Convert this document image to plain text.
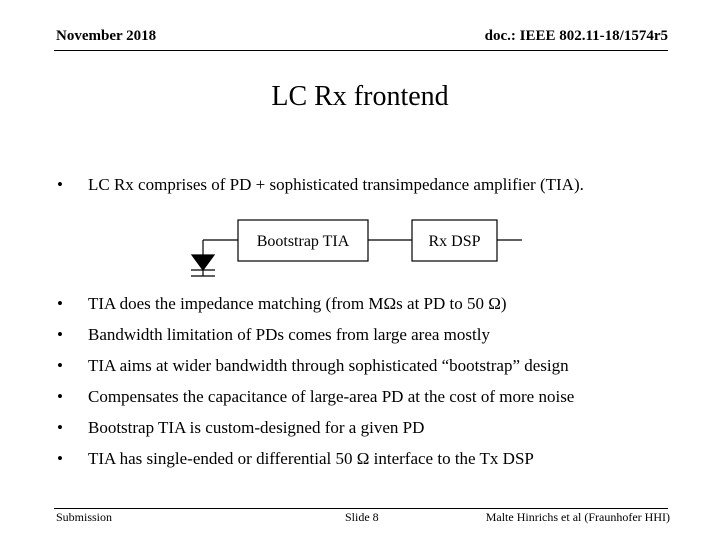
November 2018	doc.: IEEE 802.11-18/1574r5
LC Rx frontend
• LC Rx comprises of PD + sophisticated transimpedance amplifier (TIA).
Bootstrap TIA	Rx DSP
• TIA does the impedance matching (from MΩs at PD to 50 Ω)
• Bandwidth limitation of PDs comes from large area mostly
• TIA aims at wider bandwidth through sophisticated “bootstrap” design
• Compensates the capacitance of large-area PD at the cost of more noise
• Bootstrap TIA is custom-designed for a given PD
• TIA has single-ended or differential 50 Ω interface to the Tx DSP
Submission	Slide 8	Malte Hinrichs et al (Fraunhofer HHI)
